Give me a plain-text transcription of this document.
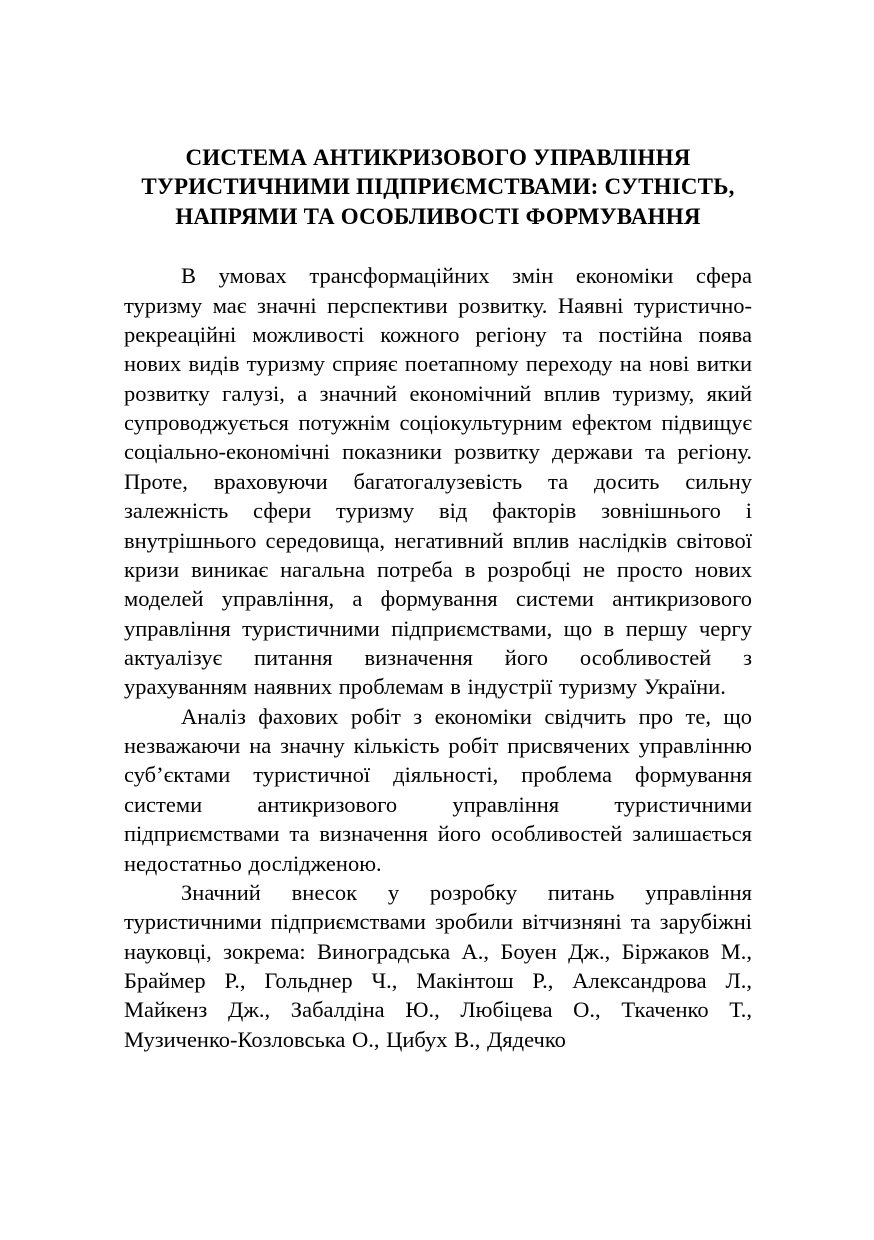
СИСТЕМА АНТИКРИЗОВОГО УПРАВЛІННЯ ТУРИСТИЧНИМИ ПІДПРИЄМСТВАМИ: СУТНІСТЬ, НАПРЯМИ ТА ОСОБЛИВОСТІ ФОРМУВАННЯ

В умовах трансформаційних змін економіки сфера туризму має значні перспективи розвитку. Наявні туристично-рекреаційні можливості кожного регіону та постійна поява нових видів туризму сприяє поетапному переходу на нові витки розвитку галузі, а значний економічний вплив туризму, який супроводжується потужнім соціокультурним ефектом підвищує соціально-економічні показники розвитку держави та регіону. Проте, враховуючи багатогалузевість та досить сильну залежність сфери туризму від факторів зовнішнього і внутрішнього середовища, негативний вплив наслідків світової кризи виникає нагальна потреба в розробці не просто нових моделей управління, а формування системи антикризового управління туристичними підприємствами, що в першу чергу актуалізує питання визначення його особливостей з урахуванням наявних проблемам в індустрії туризму України.

Аналіз фахових робіт з економіки свідчить про те, що незважаючи на значну кількість робіт присвячених управлінню суб’єктами туристичної діяльності, проблема формування системи антикризового управління туристичними підприємствами та визначення його особливостей залишається недостатньо дослідженою.

Значний внесок у розробку питань управління туристичними підприємствами зробили вітчизняні та зарубіжні науковці, зокрема: Виноградська А., Боуен Дж., Біржаков М., Браймер Р., Гольднер Ч., Макінтош Р., Александрова Л., Майкенз Дж., Забалдіна Ю., Любіцева О., Ткаченко Т., Музиченко-Козловська О., Цибух В., Дядечко
